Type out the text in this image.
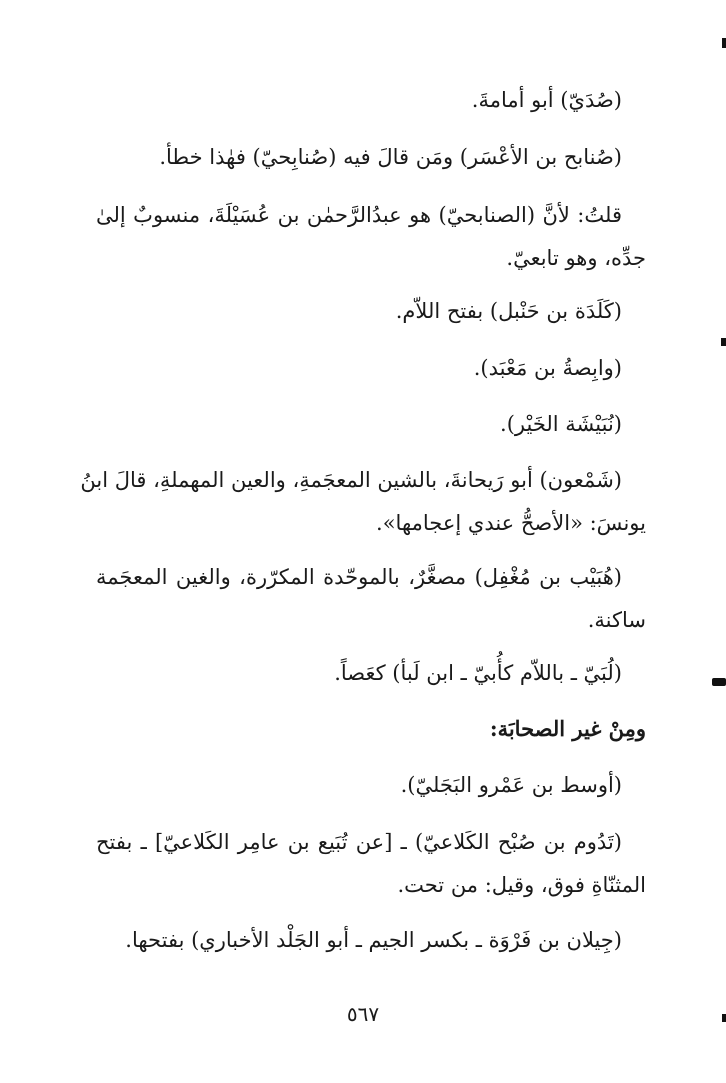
(صُدَيّ) أبو أمامةَ.
(صُنابح بن الأعْسَر) ومَن قالَ فيه (صُنابِحيّ) فهٰذا خطأ.
قلتُ: لأنَّ (الصنابحيّ) هو عبدُالرَّحمٰن بن عُسَيْلَةَ، منسوبٌ إلىٰ
جدِّه، وهو تابعيّ.
(كَلَدَة بن حَنْبل) بفتح اللاّم.
(وابِصةُ بن مَعْبَد).
(نُبَيْشَة الخَيْر).
(شَمْعون) أبو رَيحانةَ، بالشين المعجَمةِ، والعين المهملةِ، قالَ ابنُ
يونسَ: «الأصحُّ عندي إعجامها».
(هُبَيْب بن مُغْفِل) مصغَّرٌ، بالموحّدة المكرّرة، والغين المعجَمة
ساكنة.
(لُبَيّ ـ باللاّم كأُبيّ ـ ابن لَبأ) كعَصاً.
ومِنْ غير الصحابَة:
(أوسط بن عَمْرو البَجَليّ).
(تَدُوم بن صُبْح الكَلاعيّ) ـ [عن تُبَيع بن عامِر الكَلاعيّ] ـ بفتح
المثنّاةِ فوق، وقيل: من تحت.
(جِيلان بن فَرْوَة ـ بكسر الجيم ـ أبو الجَلْد الأخباري) بفتحها.
٥٦٧
